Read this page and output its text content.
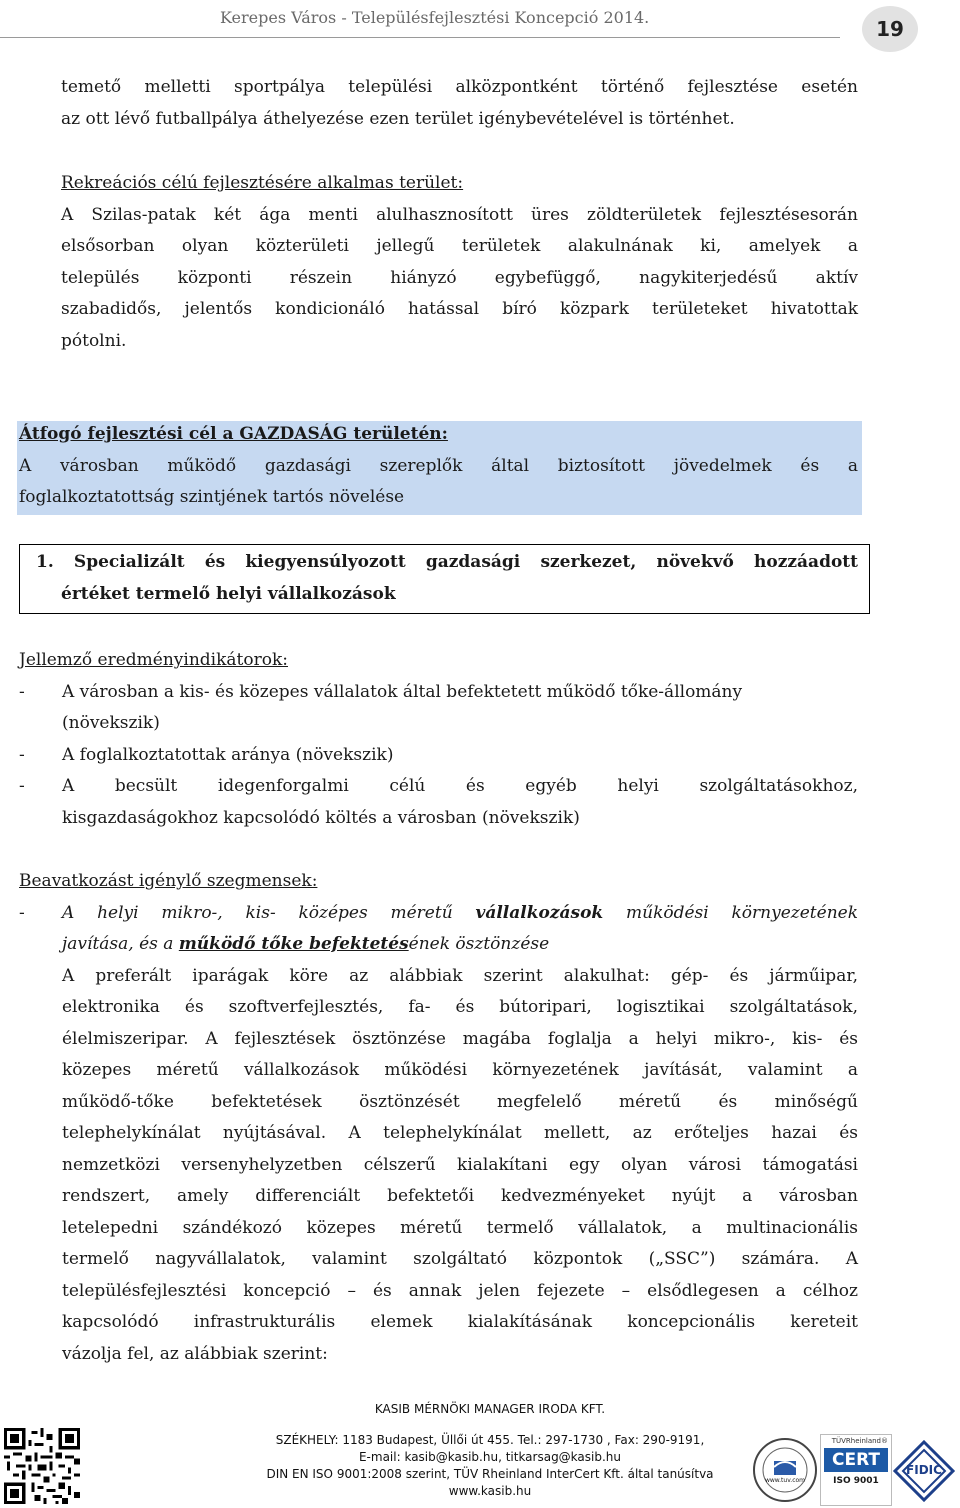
Kerepes Város - Településfejlesztési Koncepció 2014.	19
temető melletti sportpálya települési alközpontként történő fejlesztése esetén
az ott lévő futballpálya áthelyezése ezen terület igénybevételével is történhet.
Rekreációs célú fejlesztésére alkalmas terület:
A Szilas-patak két ága menti alulhasznosított üres zöldterületek fejlesztésesorán
elsősorban olyan közterületi jellegű területek alakulnának ki, amelyek a
település központi részein hiányzó egybefüggő, nagykiterjedésű aktív
szabadidős, jelentős kondicionáló hatással bíró közpark területeket hivatottak
pótolni.
Átfogó fejlesztési cél a GAZDASÁG területén:
A városban működő gazdasági szereplők által biztosított jövedelmek és a
foglalkoztatottság szintjének tartós növelése
1. Specializált és kiegyensúlyozott gazdasági szerkezet, növekvő hozzáadott
értéket termelő helyi vállalkozások
Jellemző eredményindikátorok:
- A városban a kis- és közepes vállalatok által befektetett működő tőke-állomány
(növekszik)
- A foglalkoztatottak aránya (növekszik)
- A becsült idegenforgalmi célú és egyéb helyi szolgáltatásokhoz,
kisgazdaságokhoz kapcsolódó költés a városban (növekszik)
Beavatkozást igénylő szegmensek:
- A helyi mikro-, kis- középes méretű vállalkozások működési környezetének
javítása, és a működő tőke befektetésének ösztönzése
A preferált iparágak köre az alábbiak szerint alakulhat: gép- és járműipar,
elektronika és szoftverfejlesztés, fa- és bútoripari, logisztikai szolgáltatások,
élelmiszeripar. A fejlesztések ösztönzése magába foglalja a helyi mikro-, kis- és
közepes méretű vállalkozások működési környezetének javítását, valamint a
működő-tőke befektetések ösztönzését megfelelő méretű és minőségű
telephelykínálat nyújtásával. A telephelykínálat mellett, az erőteljes hazai és
nemzetközi versenyhelyzetben célszerű kialakítani egy olyan városi támogatási
rendszert, amely differenciált befektetői kedvezményeket nyújt a városban
letelepedni szándékozó közepes méretű termelő vállalatok, a multinacionális
termelő nagyvállalatok, valamint szolgáltató központok („SSC”) számára. A
településfejlesztési koncepció – és annak jelen fejezete – elsődlegesen a célhoz
kapcsolódó infrastrukturális elemek kialakításának koncepcionális kereteit
vázolja fel, az alábbiak szerint:
KASIB MÉRNÖKI MANAGER IRODA KFT.
SZÉKHELY: 1183 Budapest, Üllői út 455. Tel.: 297-1730 , Fax: 290-9191,
E-mail: kasib@kasib.hu, titkarsag@kasib.hu
DIN EN ISO 9001:2008 szerint, TÜV Rheinland InterCert Kft. által tanúsítva
www.kasib.hu
www.tuv.com
TÜVRheinland®
CERT
ISO 9001
FIDIC
